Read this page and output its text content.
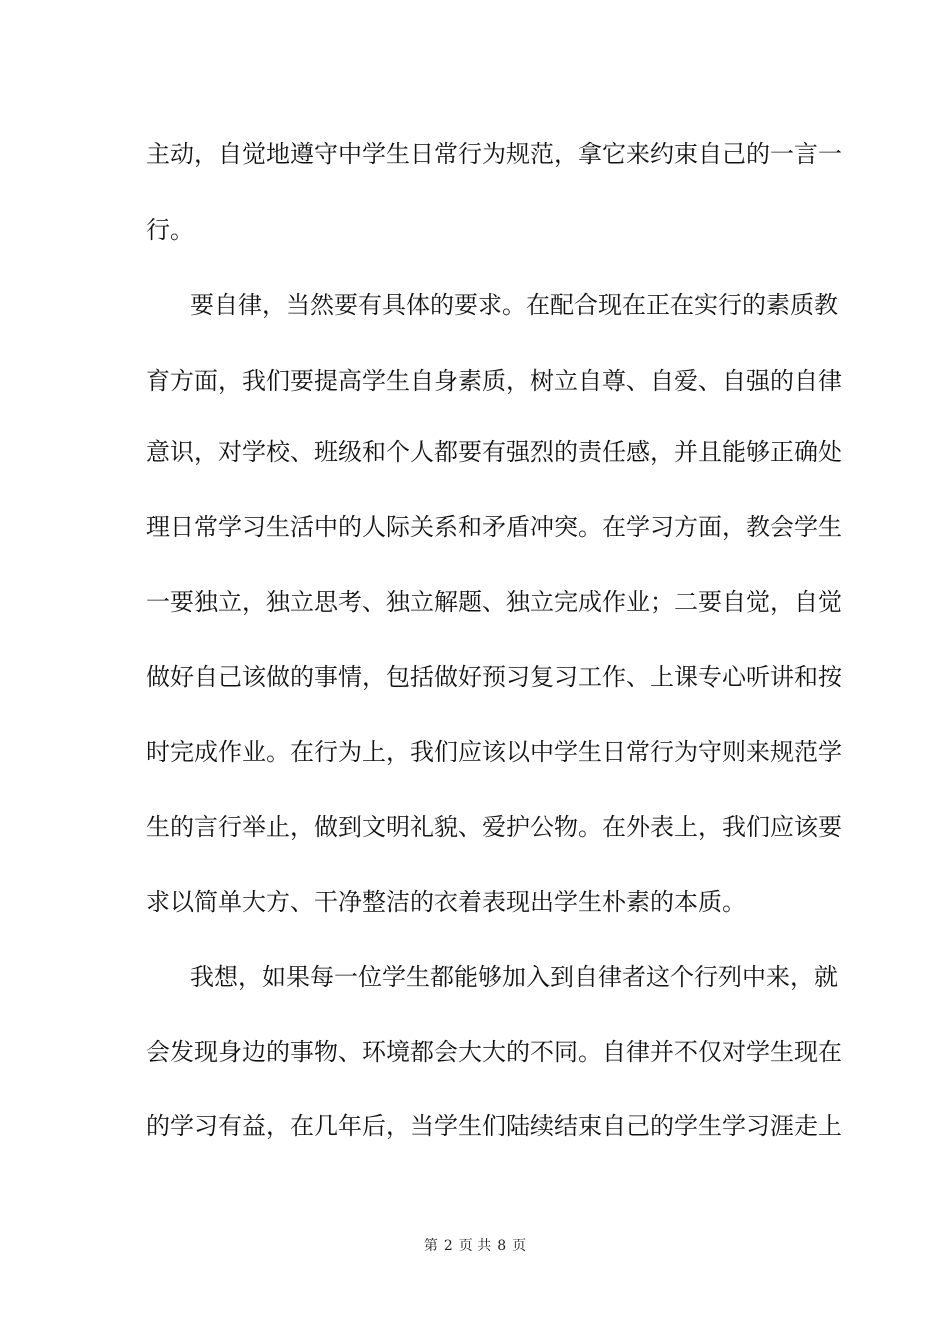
主动，自觉地遵守中学生日常行为规范，拿它来约束自己的一言一
行。
要自律，当然要有具体的要求。在配合现在正在实行的素质教
育方面，我们要提高学生自身素质，树立自尊、自爱、自强的自律
意识，对学校、班级和个人都要有强烈的责任感，并且能够正确处
理日常学习生活中的人际关系和矛盾冲突。在学习方面，教会学生
一要独立，独立思考、独立解题、独立完成作业；二要自觉，自觉
做好自己该做的事情，包括做好预习复习工作、上课专心听讲和按
时完成作业。在行为上，我们应该以中学生日常行为守则来规范学
生的言行举止，做到文明礼貌、爱护公物。在外表上，我们应该要
求以简单大方、干净整洁的衣着表现出学生朴素的本质。
我想，如果每一位学生都能够加入到自律者这个行列中来，就
会发现身边的事物、环境都会大大的不同。自律并不仅对学生现在
的学习有益，在几年后，当学生们陆续结束自己的学生学习涯走上
第 2 页 共 8 页
